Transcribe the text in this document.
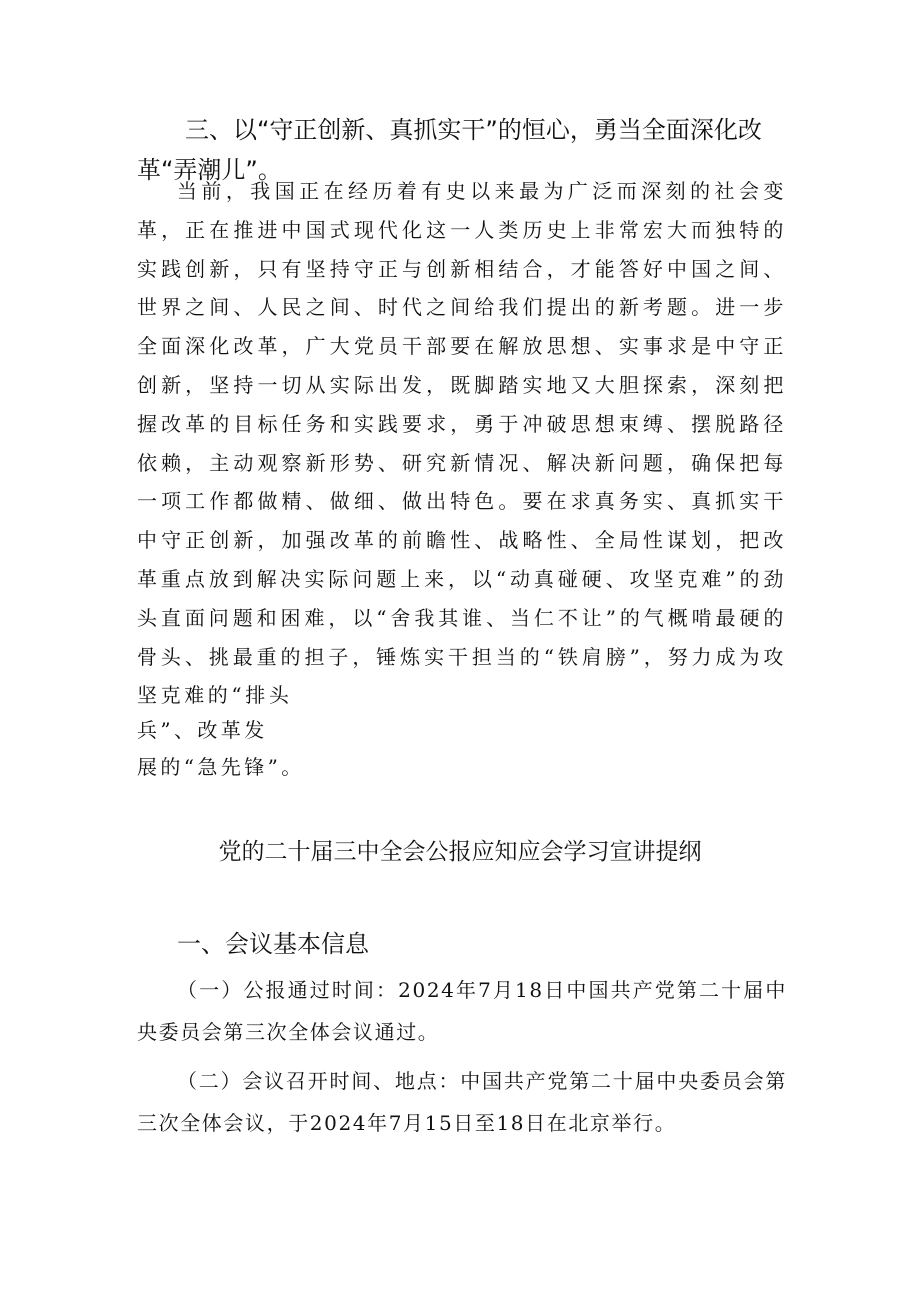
三、以“守正创新、真抓实干”的恒心，勇当全面深化改革“弄潮儿”。
当前，我国正在经历着有史以来最为广泛而深刻的社会变革，正在推进中国式现代化这一人类历史上非常宏大而独特的实践创新，只有坚持守正与创新相结合，才能答好中国之间、世界之间、人民之间、时代之间给我们提出的新考题。进一步全面深化改革，广大党员干部要在解放思想、实事求是中守正创新，坚持一切从实际出发，既脚踏实地又大胆探索，深刻把握改革的目标任务和实践要求，勇于冲破思想束缚、摆脱路径依赖，主动观察新形势、研究新情况、解决新问题，确保把每一项工作都做精、做细、做出特色。要在求真务实、真抓实干中守正创新，加强改革的前瞻性、战略性、全局性谋划，把改革重点放到解决实际问题上来，以“动真碰硬、攻坚克难”的劲头直面问题和困难，以“舍我其谁、当仁不让”的气概啃最硬的骨头、挑最重的担子，锤炼实干担当的“铁肩膀”，努力成为攻坚克难的“排头
兵”、改革发
展的“急先锋”。
党的二十届三中全会公报应知应会学习宣讲提纲
一、会议基本信息
（一）公报通过时间：2024年7月18日中国共产党第二十届中央委员会第三次全体会议通过。
（二）会议召开时间、地点：中国共产党第二十届中央委员会第三次全体会议，于2024年7月15日至18日在北京举行。
